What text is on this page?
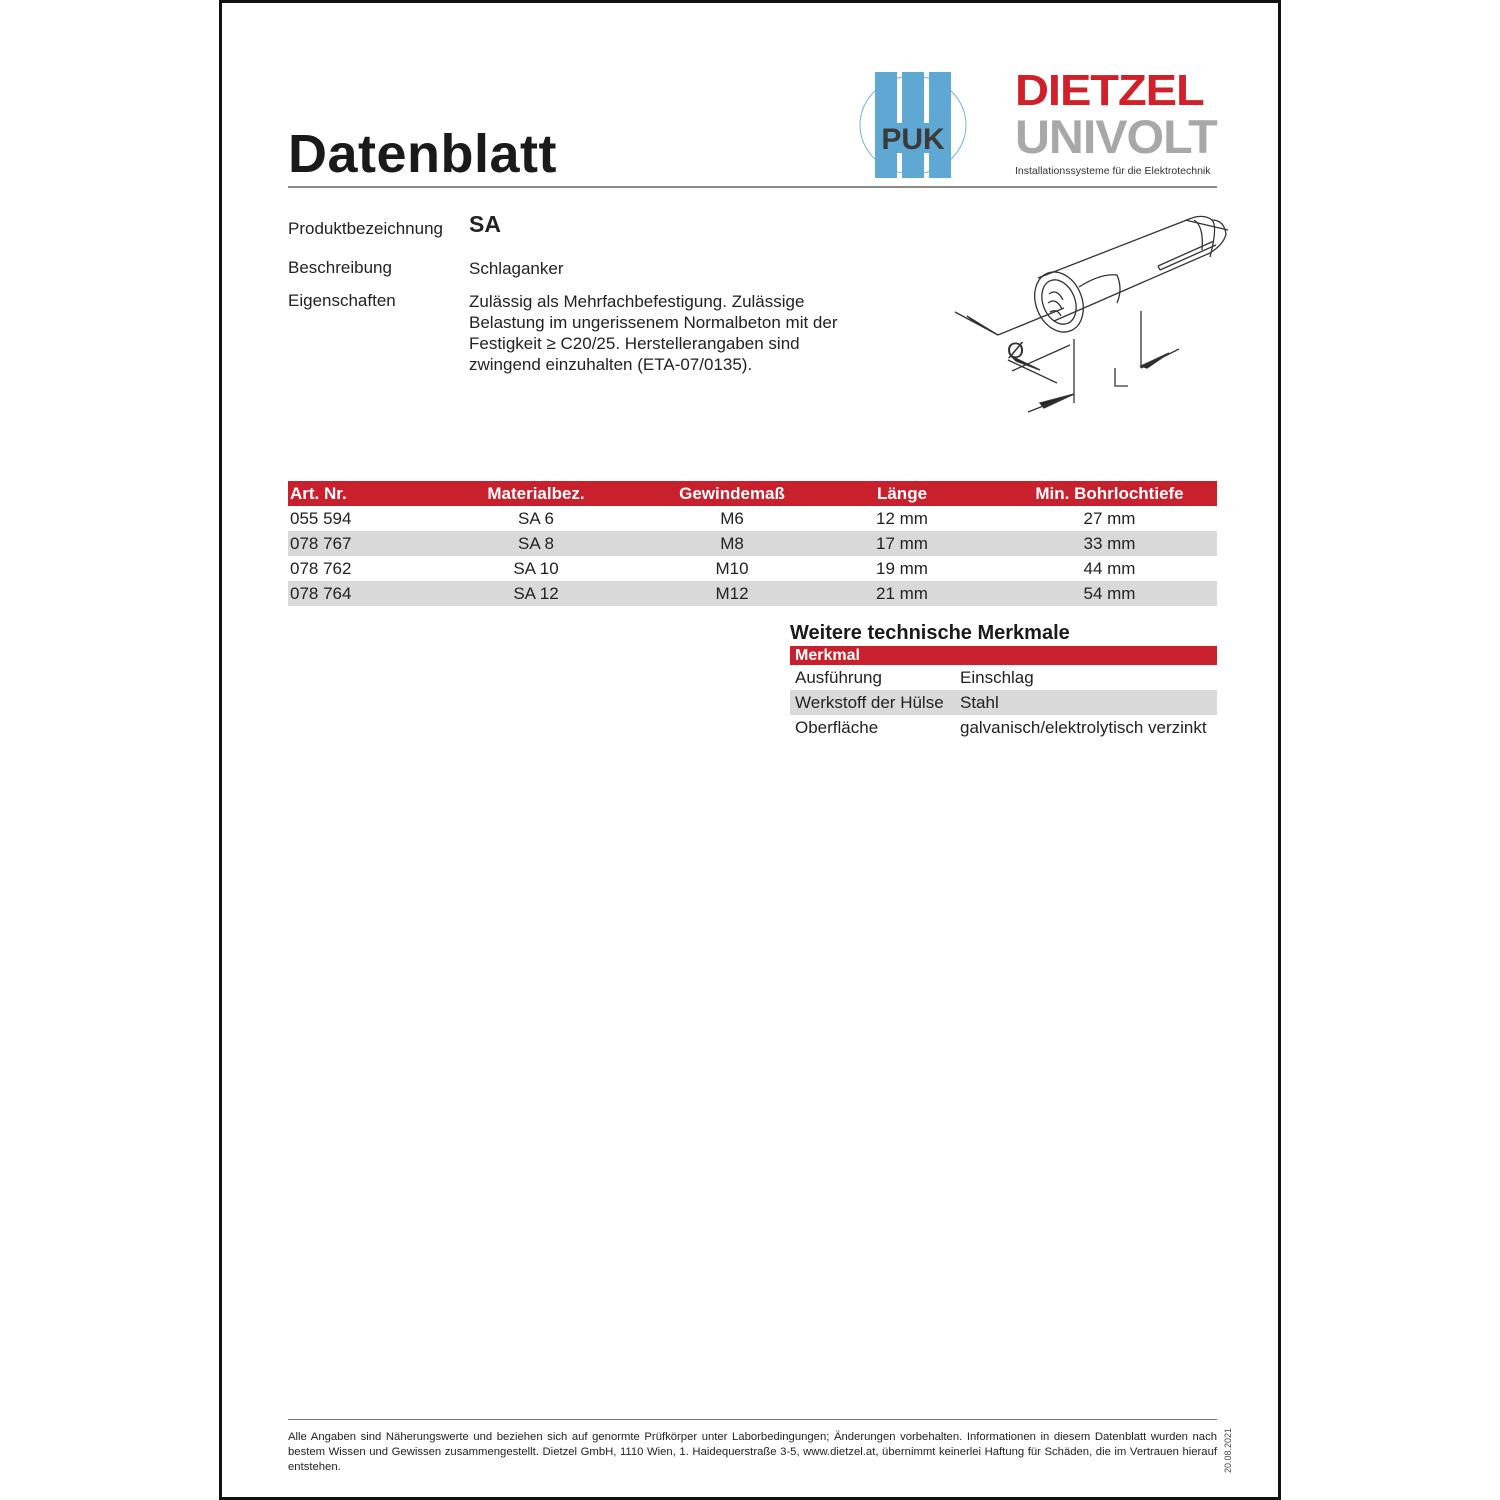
Datenblatt	PUK
DIETZEL
UNIVOLT
Installationssysteme für die Elektrotechnik
Produktbezeichnung SA
Beschreibung	Schlaganker
Eigenschaften	Zulässig als Mehrfachbefestigung. Zulässige
Belastung im ungerissenem Normalbeton mit der
Festigkeit ≥ C20/25. Herstellerangaben sind
zwingend einzuhalten (ETA-07/0135).
Ø
Art. Nr.	Materialbez.	Gewindemaß	Länge	Min. Bohrlochtiefe
055 594	SA 6	M6	12 mm	27 mm
078 767	SA 8	M8	17 mm	33 mm
078 762	SA 10	M10	19 mm	44 mm
078 764	SA 12	M12	21 mm	54 mm
Weitere technische Merkmale
Merkmal	
Ausführung	Einschlag
Werkstoff der Hülse	Stahl
Oberfläche	galvanisch/elektrolytisch verzinkt
Alle Angaben sind Näherungswerte und beziehen sich auf genormte Prüfkörper unter Laborbedingungen; Änderungen vorbehalten. Informationen in diesem Datenblatt wurden nach bestem Wissen und Gewissen zusammengestellt. Dietzel GmbH, 1110 Wien, 1. Haidequerstraße 3-5, www.dietzel.at, übernimmt keinerlei Haftung für Schäden, die im Vertrauen hierauf entstehen.	20.08.2021
